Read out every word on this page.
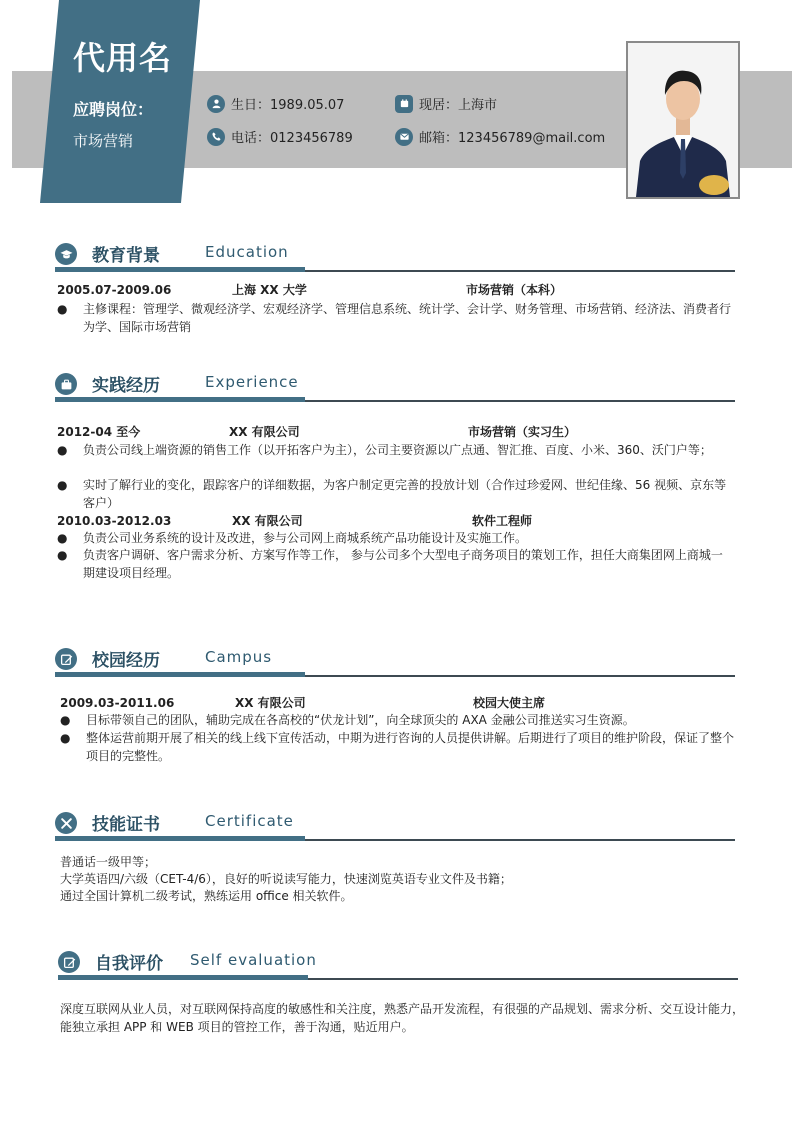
代用名
应聘岗位：
市场营销
生日：1989.05.07	现居：上海市
电话：0123456789	邮箱：123456789@mail.com
教育背景	Education
2005.07-2009.06	上海 XX 大学	市场营销（本科）
● 主修课程：管理学、微观经济学、宏观经济学、管理信息系统、统计学、会计学、财务管理、市场营销、经济法、消费者行为学、国际市场营销
实践经历	Experience
2012-04 至今	XX 有限公司	市场营销（实习生）
● 负责公司线上端资源的销售工作（以开拓客户为主），公司主要资源以广点通、智汇推、百度、小米、360、沃门户等；
● 实时了解行业的变化，跟踪客户的详细数据，为客户制定更完善的投放计划（合作过珍爱网、世纪佳缘、56 视频、京东等客户）
2010.03-2012.03	XX 有限公司	软件工程师
● 负责公司业务系统的设计及改进，参与公司网上商城系统产品功能设计及实施工作。
● 负责客户调研、客户需求分析、方案写作等工作， 参与公司多个大型电子商务项目的策划工作，担任大商集团网上商城一期建设项目经理。
校园经历	Campus
2009.03-2011.06	XX 有限公司	校园大使主席
● 目标带领自己的团队，辅助完成在各高校的“伏龙计划”，向全球顶尖的 AXA 金融公司推送实习生资源。
● 整体运营前期开展了相关的线上线下宣传活动，中期为进行咨询的人员提供讲解。后期进行了项目的维护阶段，保证了整个项目的完整性。
技能证书	Certificate
普通话一级甲等；
大学英语四/六级（CET-4/6），良好的听说读写能力，快速浏览英语专业文件及书籍；
通过全国计算机二级考试，熟练运用 office 相关软件。
自我评价 Self evaluation
深度互联网从业人员，对互联网保持高度的敏感性和关注度，熟悉产品开发流程，有很强的产品规划、需求分析、交互设计能力，能独立承担 APP 和 WEB 项目的管控工作，善于沟通，贴近用户。
